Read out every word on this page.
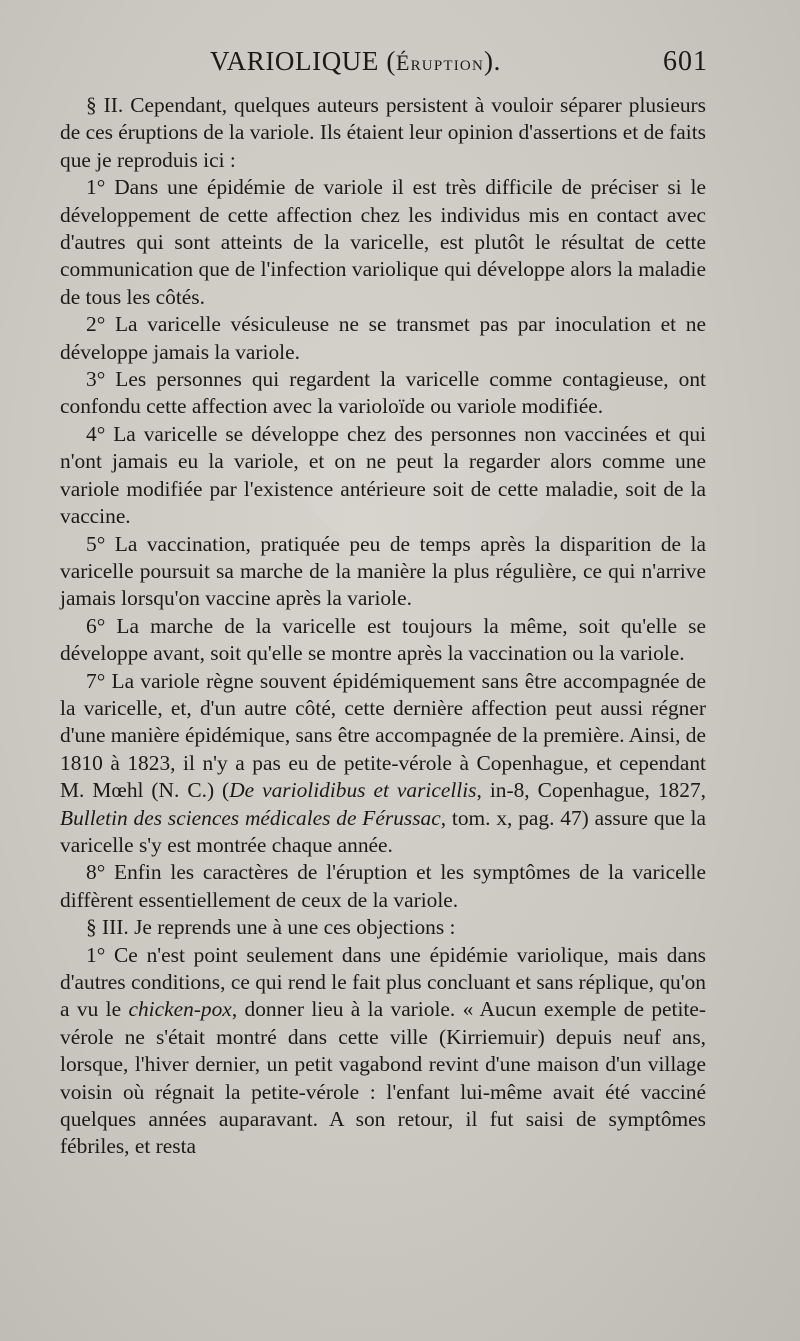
VARIOLIQUE (Éruption).	601

§ II. Cependant, quelques auteurs persistent à vouloir séparer plusieurs de ces éruptions de la variole. Ils étaient leur opinion d'assertions et de faits que je reproduis ici :

1° Dans une épidémie de variole il est très difficile de préciser si le développement de cette affection chez les individus mis en contact avec d'autres qui sont atteints de la varicelle, est plutôt le résultat de cette communication que de l'infection variolique qui développe alors la maladie de tous les côtés.

2° La varicelle vésiculeuse ne se transmet pas par inoculation et ne développe jamais la variole.

3° Les personnes qui regardent la varicelle comme contagieuse, ont confondu cette affection avec la varioloïde ou variole modifiée.

4° La varicelle se développe chez des personnes non vaccinées et qui n'ont jamais eu la variole, et on ne peut la regarder alors comme une variole modifiée par l'existence antérieure soit de cette maladie, soit de la vaccine.

5° La vaccination, pratiquée peu de temps après la disparition de la varicelle poursuit sa marche de la manière la plus régulière, ce qui n'arrive jamais lorsqu'on vaccine après la variole.

6° La marche de la varicelle est toujours la même, soit qu'elle se développe avant, soit qu'elle se montre après la vaccination ou la variole.

7° La variole règne souvent épidémiquement sans être accompagnée de la varicelle, et, d'un autre côté, cette dernière affection peut aussi régner d'une manière épidémique, sans être accompagnée de la première. Ainsi, de 1810 à 1823, il n'y a pas eu de petite-vérole à Copenhague, et cependant M. Mœhl (N. C.) (De variolidibus et varicellis, in-8, Copenhague, 1827, Bulletin des sciences médicales de Férussac, tom. x, pag. 47) assure que la varicelle s'y est montrée chaque année.

8° Enfin les caractères de l'éruption et les symptômes de la varicelle diffèrent essentiellement de ceux de la variole.

§ III. Je reprends une à une ces objections :

1° Ce n'est point seulement dans une épidémie variolique, mais dans d'autres conditions, ce qui rend le fait plus concluant et sans réplique, qu'on a vu le chicken-pox, donner lieu à la variole. « Aucun exemple de petite-vérole ne s'était montré dans cette ville (Kirriemuir) depuis neuf ans, lorsque, l'hiver dernier, un petit vagabond revint d'une maison d'un village voisin où régnait la petite-vérole : l'enfant lui-même avait été vacciné quelques années auparavant. A son retour, il fut saisi de symptômes fébriles, et resta
